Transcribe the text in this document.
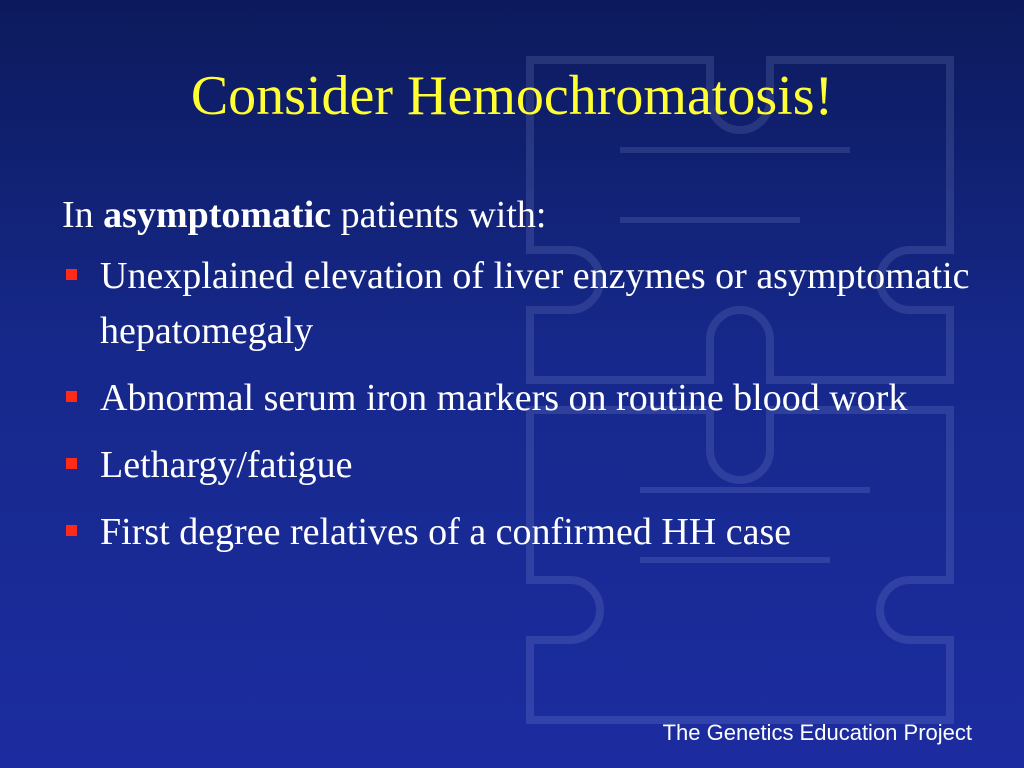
Consider Hemochromatosis!

In asymptomatic patients with:

Unexplained elevation of liver enzymes or asymptomatic hepatomegaly
Abnormal serum iron markers on routine blood work
Lethargy/fatigue
First degree relatives of a confirmed HH case
The Genetics Education Project
